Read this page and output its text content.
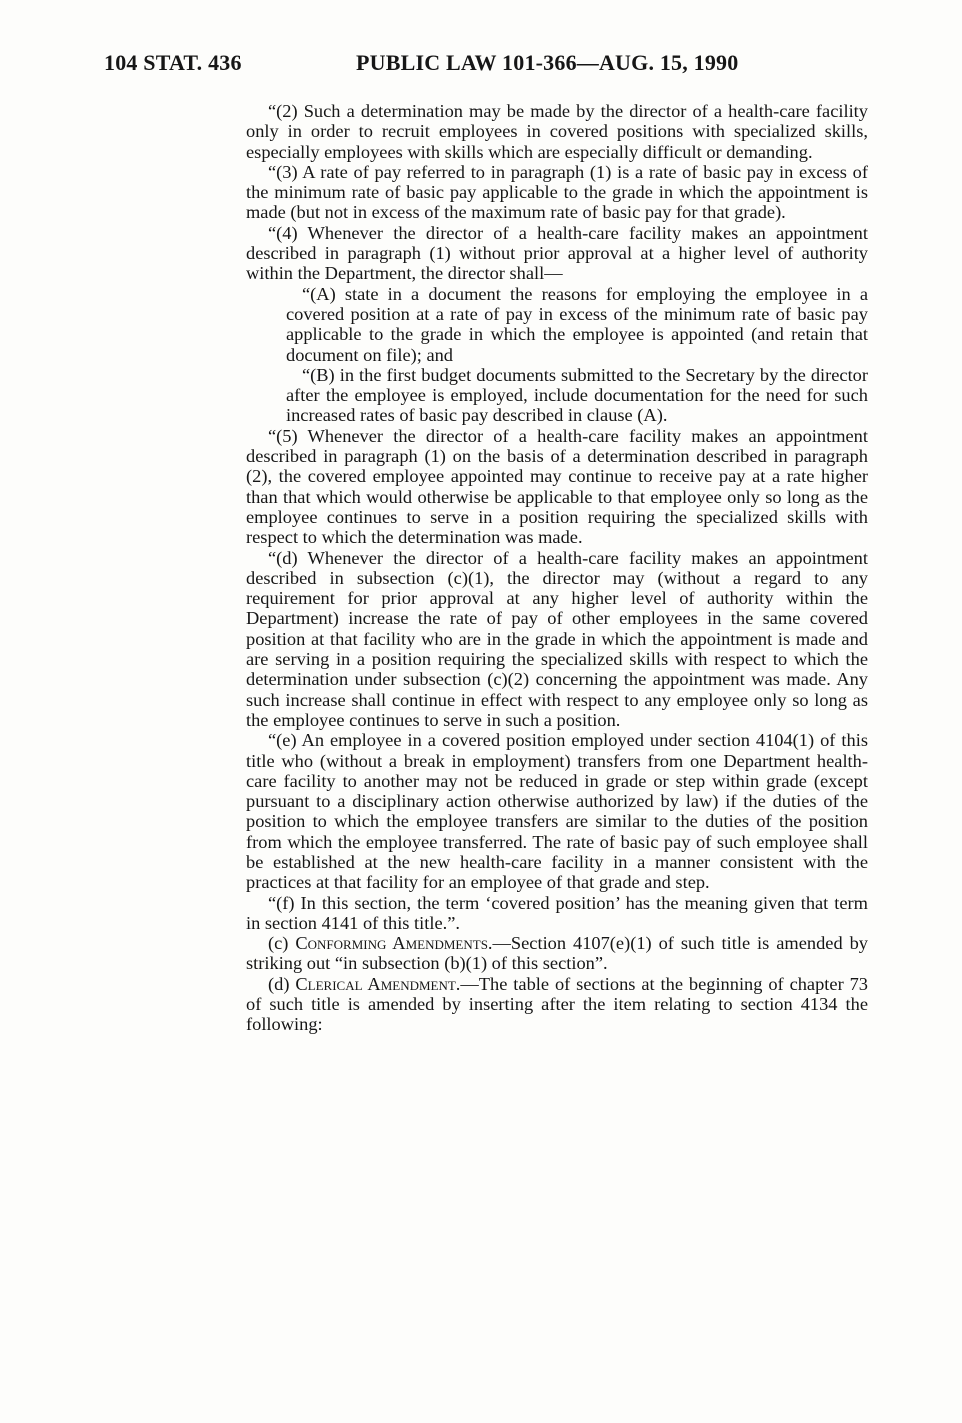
104 STAT. 436	PUBLIC LAW 101-366—AUG. 15, 1990

“(2) Such a determination may be made by the director of a health-care facility only in order to recruit employees in covered positions with specialized skills, especially employees with skills which are especially difficult or demanding.

“(3) A rate of pay referred to in paragraph (1) is a rate of basic pay in excess of the minimum rate of basic pay applicable to the grade in which the appointment is made (but not in excess of the maximum rate of basic pay for that grade).

“(4) Whenever the director of a health-care facility makes an appointment described in paragraph (1) without prior approval at a higher level of authority within the Department, the director shall—

“(A) state in a document the reasons for employing the employee in a covered position at a rate of pay in excess of the minimum rate of basic pay applicable to the grade in which the employee is appointed (and retain that document on file); and

“(B) in the first budget documents submitted to the Secretary by the director after the employee is employed, include documentation for the need for such increased rates of basic pay described in clause (A).

“(5) Whenever the director of a health-care facility makes an appointment described in paragraph (1) on the basis of a determination described in paragraph (2), the covered employee appointed may continue to receive pay at a rate higher than that which would otherwise be applicable to that employee only so long as the employee continues to serve in a position requiring the specialized skills with respect to which the determination was made.

“(d) Whenever the director of a health-care facility makes an appointment described in subsection (c)(1), the director may (without a regard to any requirement for prior approval at any higher level of authority within the Department) increase the rate of pay of other employees in the same covered position at that facility who are in the grade in which the appointment is made and are serving in a position requiring the specialized skills with respect to which the determination under subsection (c)(2) concerning the appointment was made. Any such increase shall continue in effect with respect to any employee only so long as the employee continues to serve in such a position.

“(e) An employee in a covered position employed under section 4104(1) of this title who (without a break in employment) transfers from one Department health-care facility to another may not be reduced in grade or step within grade (except pursuant to a disciplinary action otherwise authorized by law) if the duties of the position to which the employee transfers are similar to the duties of the position from which the employee transferred. The rate of basic pay of such employee shall be established at the new health-care facility in a manner consistent with the practices at that facility for an employee of that grade and step.

“(f) In this section, the term ‘covered position’ has the meaning given that term in section 4141 of this title.”.

(c) Conforming Amendments.—Section 4107(e)(1) of such title is amended by striking out “in subsection (b)(1) of this section”.

(d) Clerical Amendment.—The table of sections at the beginning of chapter 73 of such title is amended by inserting after the item relating to section 4134 the following:
